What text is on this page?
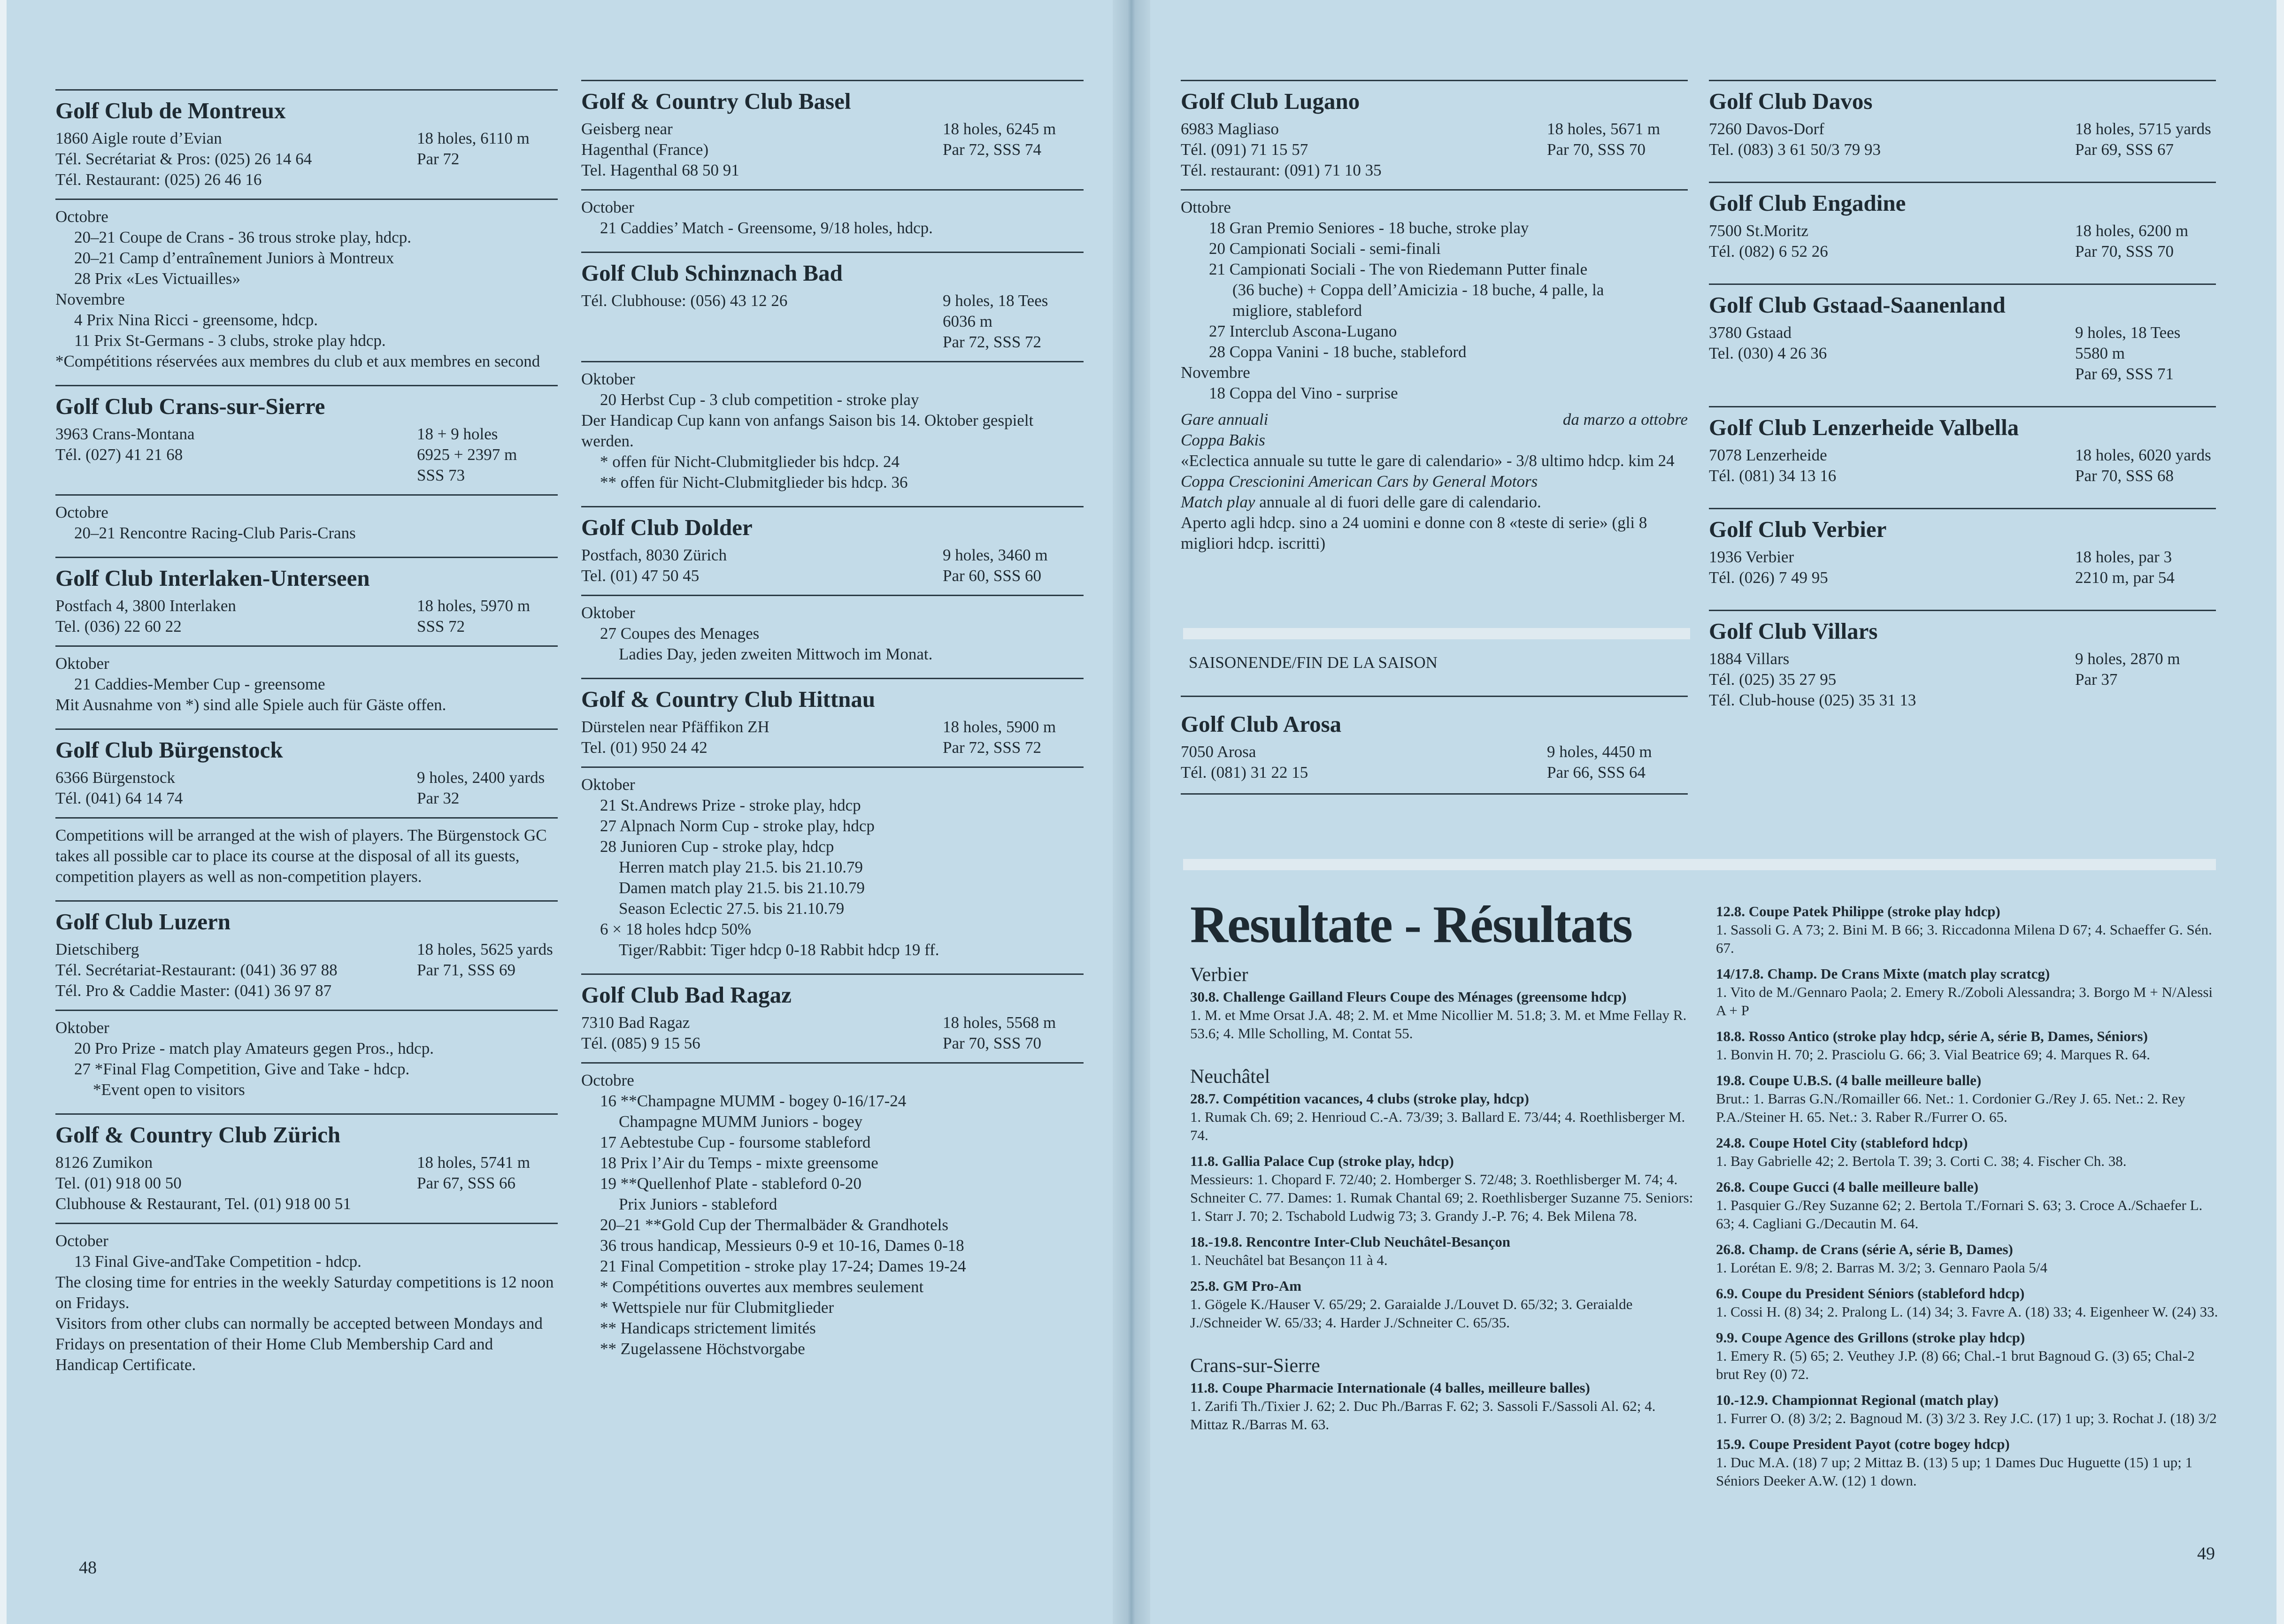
Golf Club de Montreux
1860 Aigle route d’Evian
Tél. Secrétariat & Pros: (025) 26 14 64
Tél. Restaurant: (025) 26 46 16
18 holes, 6110 m
Par 72
Octobre
20–21 Coupe de Crans - 36 trous stroke play, hdcp.
20–21 Camp d’entraînement Juniors à Montreux
28 Prix «Les Victuailles»
Novembre
4 Prix Nina Ricci - greensome, hdcp.
11 Prix St-Germans - 3 clubs, stroke play hdcp.
*Compétitions réservées aux membres du club et aux membres en second
Golf Club Crans-sur-Sierre
3963 Crans-Montana
Tél. (027) 41 21 68
18 + 9 holes
6925 + 2397 m
SSS 73
Octobre
20–21 Rencontre Racing-Club Paris-Crans
Golf Club Interlaken-Unterseen
Postfach 4, 3800 Interlaken
Tel. (036) 22 60 22
18 holes, 5970 m
SSS 72
Oktober
21 Caddies-Member Cup - greensome
Mit Ausnahme von *) sind alle Spiele auch für Gäste offen.
Golf Club Bürgenstock
6366 Bürgenstock
Tél. (041) 64 14 74
9 holes, 2400 yards
Par 32
Competitions will be arranged at the wish of players. The Bürgenstock GC takes all possible car to place its course at the disposal of all its guests, competition players as well as non-competition players.
Golf Club Luzern
Dietschiberg
Tél. Secrétariat-Restaurant: (041) 36 97 88
Tél. Pro & Caddie Master: (041) 36 97 87
18 holes, 5625 yards
Par 71, SSS 69
Oktober
20 Pro Prize - match play Amateurs gegen Pros., hdcp.
27 *Final Flag Competition, Give and Take - hdcp.
*Event open to visitors
Golf & Country Club Zürich
8126 Zumikon
Tel. (01) 918 00 50
Clubhouse & Restaurant, Tel. (01) 918 00 51
18 holes, 5741 m
Par 67, SSS 66
October
13 Final Give-andTake Competition - hdcp.
The closing time for entries in the weekly Saturday competitions is 12 noon on Fridays.
Visitors from other clubs can normally be accepted between Mondays and Fridays on presentation of their Home Club Membership Card and Handicap Certificate.
Golf & Country Club Basel
Geisberg near
Hagenthal (France)
Tel. Hagenthal 68 50 91
18 holes, 6245 m
Par 72, SSS 74
October
21 Caddies’ Match - Greensome, 9/18 holes, hdcp.
Golf Club Schinznach Bad
Tél. Clubhouse: (056) 43 12 26	9 holes, 18 Tees
6036 m
Par 72, SSS 72
Oktober
20 Herbst Cup - 3 club competition - stroke play
Der Handicap Cup kann von anfangs Saison bis 14. Oktober gespielt werden.
* offen für Nicht-Clubmitglieder bis hdcp. 24
** offen für Nicht-Clubmitglieder bis hdcp. 36
Golf Club Dolder
Postfach, 8030 Zürich
Tel. (01) 47 50 45
9 holes, 3460 m
Par 60, SSS 60
Oktober
27 Coupes des Menages
Ladies Day, jeden zweiten Mittwoch im Monat.
Golf & Country Club Hittnau
Dürstelen near Pfäffikon ZH
Tel. (01) 950 24 42
18 holes, 5900 m
Par 72, SSS 72
Oktober
21 St.Andrews Prize - stroke play, hdcp
27 Alpnach Norm Cup - stroke play, hdcp
28 Junioren Cup - stroke play, hdcp
Herren match play 21.5. bis 21.10.79
Damen match play 21.5. bis 21.10.79
Season Eclectic 27.5. bis 21.10.79
6 × 18 holes hdcp 50%
Tiger/Rabbit: Tiger hdcp 0-18 Rabbit hdcp 19 ff.
Golf Club Bad Ragaz
7310 Bad Ragaz
Tél. (085) 9 15 56
18 holes, 5568 m
Par 70, SSS 70
Octobre
16 **Champagne MUMM - bogey 0-16/17-24
Champagne MUMM Juniors - bogey
17 Aebtestube Cup - foursome stableford
18 Prix l’Air du Temps - mixte greensome
19 **Quellenhof Plate - stableford 0-20
Prix Juniors - stableford
20–21 **Gold Cup der Thermalbäder & Grandhotels
36 trous handicap, Messieurs 0-9 et 10-16, Dames 0-18
21 Final Competition - stroke play 17-24; Dames 19-24
* Compétitions ouvertes aux membres seulement
* Wettspiele nur für Clubmitglieder
** Handicaps strictement limités
** Zugelassene Höchstvorgabe
48
Golf Club Lugano
6983 Magliaso
Tél. (091) 71 15 57
Tél. restaurant: (091) 71 10 35
18 holes, 5671 m
Par 70, SSS 70
Ottobre
18 Gran Premio Seniores - 18 buche, stroke play
20 Campionati Sociali - semi-finali
21 Campionati Sociali - The von Riedemann Putter finale
(36 buche) + Coppa dell’Amicizia - 18 buche, 4 palle, la
migliore, stableford
27 Interclub Ascona-Lugano
28 Coppa Vanini - 18 buche, stableford
Novembre
18 Coppa del Vino - surprise
Gare annuali	da marzo a ottobre
Coppa Bakis
«Eclectica annuale su tutte le gare di calendario» - 3/8 ultimo hdcp. kim 24
Coppa Crescionini American Cars by General Motors
Match play annuale al di fuori delle gare di calendario.
Aperto agli hdcp. sino a 24 uomini e donne con 8 «teste di serie» (gli 8 migliori hdcp. iscritti)
SAISONENDE/FIN DE LA SAISON
Golf Club Arosa
7050 Arosa
Tél. (081) 31 22 15
9 holes, 4450 m
Par 66, SSS 64
Golf Club Davos
7260 Davos-Dorf
Tel. (083) 3 61 50/3 79 93
18 holes, 5715 yards
Par 69, SSS 67
Golf Club Engadine
7500 St.Moritz
Tél. (082) 6 52 26
18 holes, 6200 m
Par 70, SSS 70
Golf Club Gstaad-Saanenland
3780 Gstaad
Tel. (030) 4 26 36
9 holes, 18 Tees
5580 m
Par 69, SSS 71
Golf Club Lenzerheide Valbella
7078 Lenzerheide
Tél. (081) 34 13 16
18 holes, 6020 yards
Par 70, SSS 68
Golf Club Verbier
1936 Verbier
Tél. (026) 7 49 95
18 holes, par 3
2210 m, par 54
Golf Club Villars
1884 Villars
Tél. (025) 35 27 95
Tél. Club-house (025) 35 31 13
9 holes, 2870 m
Par 37
Resultate - Résultats
Verbier
30.8. Challenge Gailland Fleurs Coupe des Ménages (greensome hdcp)
1. M. et Mme Orsat J.A. 48; 2. M. et Mme Nicollier M. 51.8; 3. M. et Mme Fellay R. 53.6; 4. Mlle Scholling, M. Contat 55.
Neuchâtel
28.7. Compétition vacances, 4 clubs (stroke play, hdcp)
1. Rumak Ch. 69; 2. Henrioud C.-A. 73/39; 3. Ballard E. 73/44; 4. Roethlisberger M. 74.
11.8. Gallia Palace Cup (stroke play, hdcp)
Messieurs: 1. Chopard F. 72/40; 2. Homberger S. 72/48; 3. Roethlisberger M. 74; 4. Schneiter C. 77. Dames: 1. Rumak Chantal 69; 2. Roethlisberger Suzanne 75. Seniors: 1. Starr J. 70; 2. Tschabold Ludwig 73; 3. Grandy J.-P. 76; 4. Bek Milena 78.
18.-19.8. Rencontre Inter-Club Neuchâtel-Besançon
1. Neuchâtel bat Besançon 11 à 4.
25.8. GM Pro-Am
1. Gögele K./Hauser V. 65/29; 2. Garaialde J./Louvet D. 65/32; 3. Geraialde J./Schneider W. 65/33; 4. Harder J./Schneiter C. 65/35.
Crans-sur-Sierre
11.8. Coupe Pharmacie Internationale (4 balles, meilleure balles)
1. Zarifi Th./Tixier J. 62; 2. Duc Ph./Barras F. 62; 3. Sassoli F./Sassoli Al. 62; 4. Mittaz R./Barras M. 63.
12.8. Coupe Patek Philippe (stroke play hdcp)
1. Sassoli G. A 73; 2. Bini M. B 66; 3. Riccadonna Milena D 67; 4. Schaeffer G. Sén. 67.
14/17.8. Champ. De Crans Mixte (match play scratcg)
1. Vito de M./Gennaro Paola; 2. Emery R./Zoboli Alessandra; 3. Borgo M + N/Alessi A + P
18.8. Rosso Antico (stroke play hdcp, série A, série B, Dames, Séniors)
1. Bonvin H. 70; 2. Prasciolu G. 66; 3. Vial Beatrice 69; 4. Marques R. 64.
19.8. Coupe U.B.S. (4 balle meilleure balle)
Brut.: 1. Barras G.N./Romailler 66. Net.: 1. Cordonier G./Rey J. 65. Net.: 2. Rey P.A./Steiner H. 65. Net.: 3. Raber R./Furrer O. 65.
24.8. Coupe Hotel City (stableford hdcp)
1. Bay Gabrielle 42; 2. Bertola T. 39; 3. Corti C. 38; 4. Fischer Ch. 38.
26.8. Coupe Gucci (4 balle meilleure balle)
1. Pasquier G./Rey Suzanne 62; 2. Bertola T./Fornari S. 63; 3. Croce A./Schaefer L. 63; 4. Cagliani G./Decautin M. 64.
26.8. Champ. de Crans (série A, série B, Dames)
1. Lorétan E. 9/8; 2. Barras M. 3/2; 3. Gennaro Paola 5/4
6.9. Coupe du President Séniors (stableford hdcp)
1. Cossi H. (8) 34; 2. Pralong L. (14) 34; 3. Favre A. (18) 33; 4. Eigenheer W. (24) 33.
9.9. Coupe Agence des Grillons (stroke play hdcp)
1. Emery R. (5) 65; 2. Veuthey J.P. (8) 66; Chal.-1 brut Bagnoud G. (3) 65; Chal-2 brut Rey (0) 72.
10.-12.9. Championnat Regional (match play)
1. Furrer O. (8) 3/2; 2. Bagnoud M. (3) 3/2 3. Rey J.C. (17) 1 up; 3. Rochat J. (18) 3/2
15.9. Coupe President Payot (cotre bogey hdcp)
1. Duc M.A. (18) 7 up; 2 Mittaz B. (13) 5 up; 1 Dames Duc Huguette (15) 1 up; 1 Séniors Deeker A.W. (12) 1 down.
49
